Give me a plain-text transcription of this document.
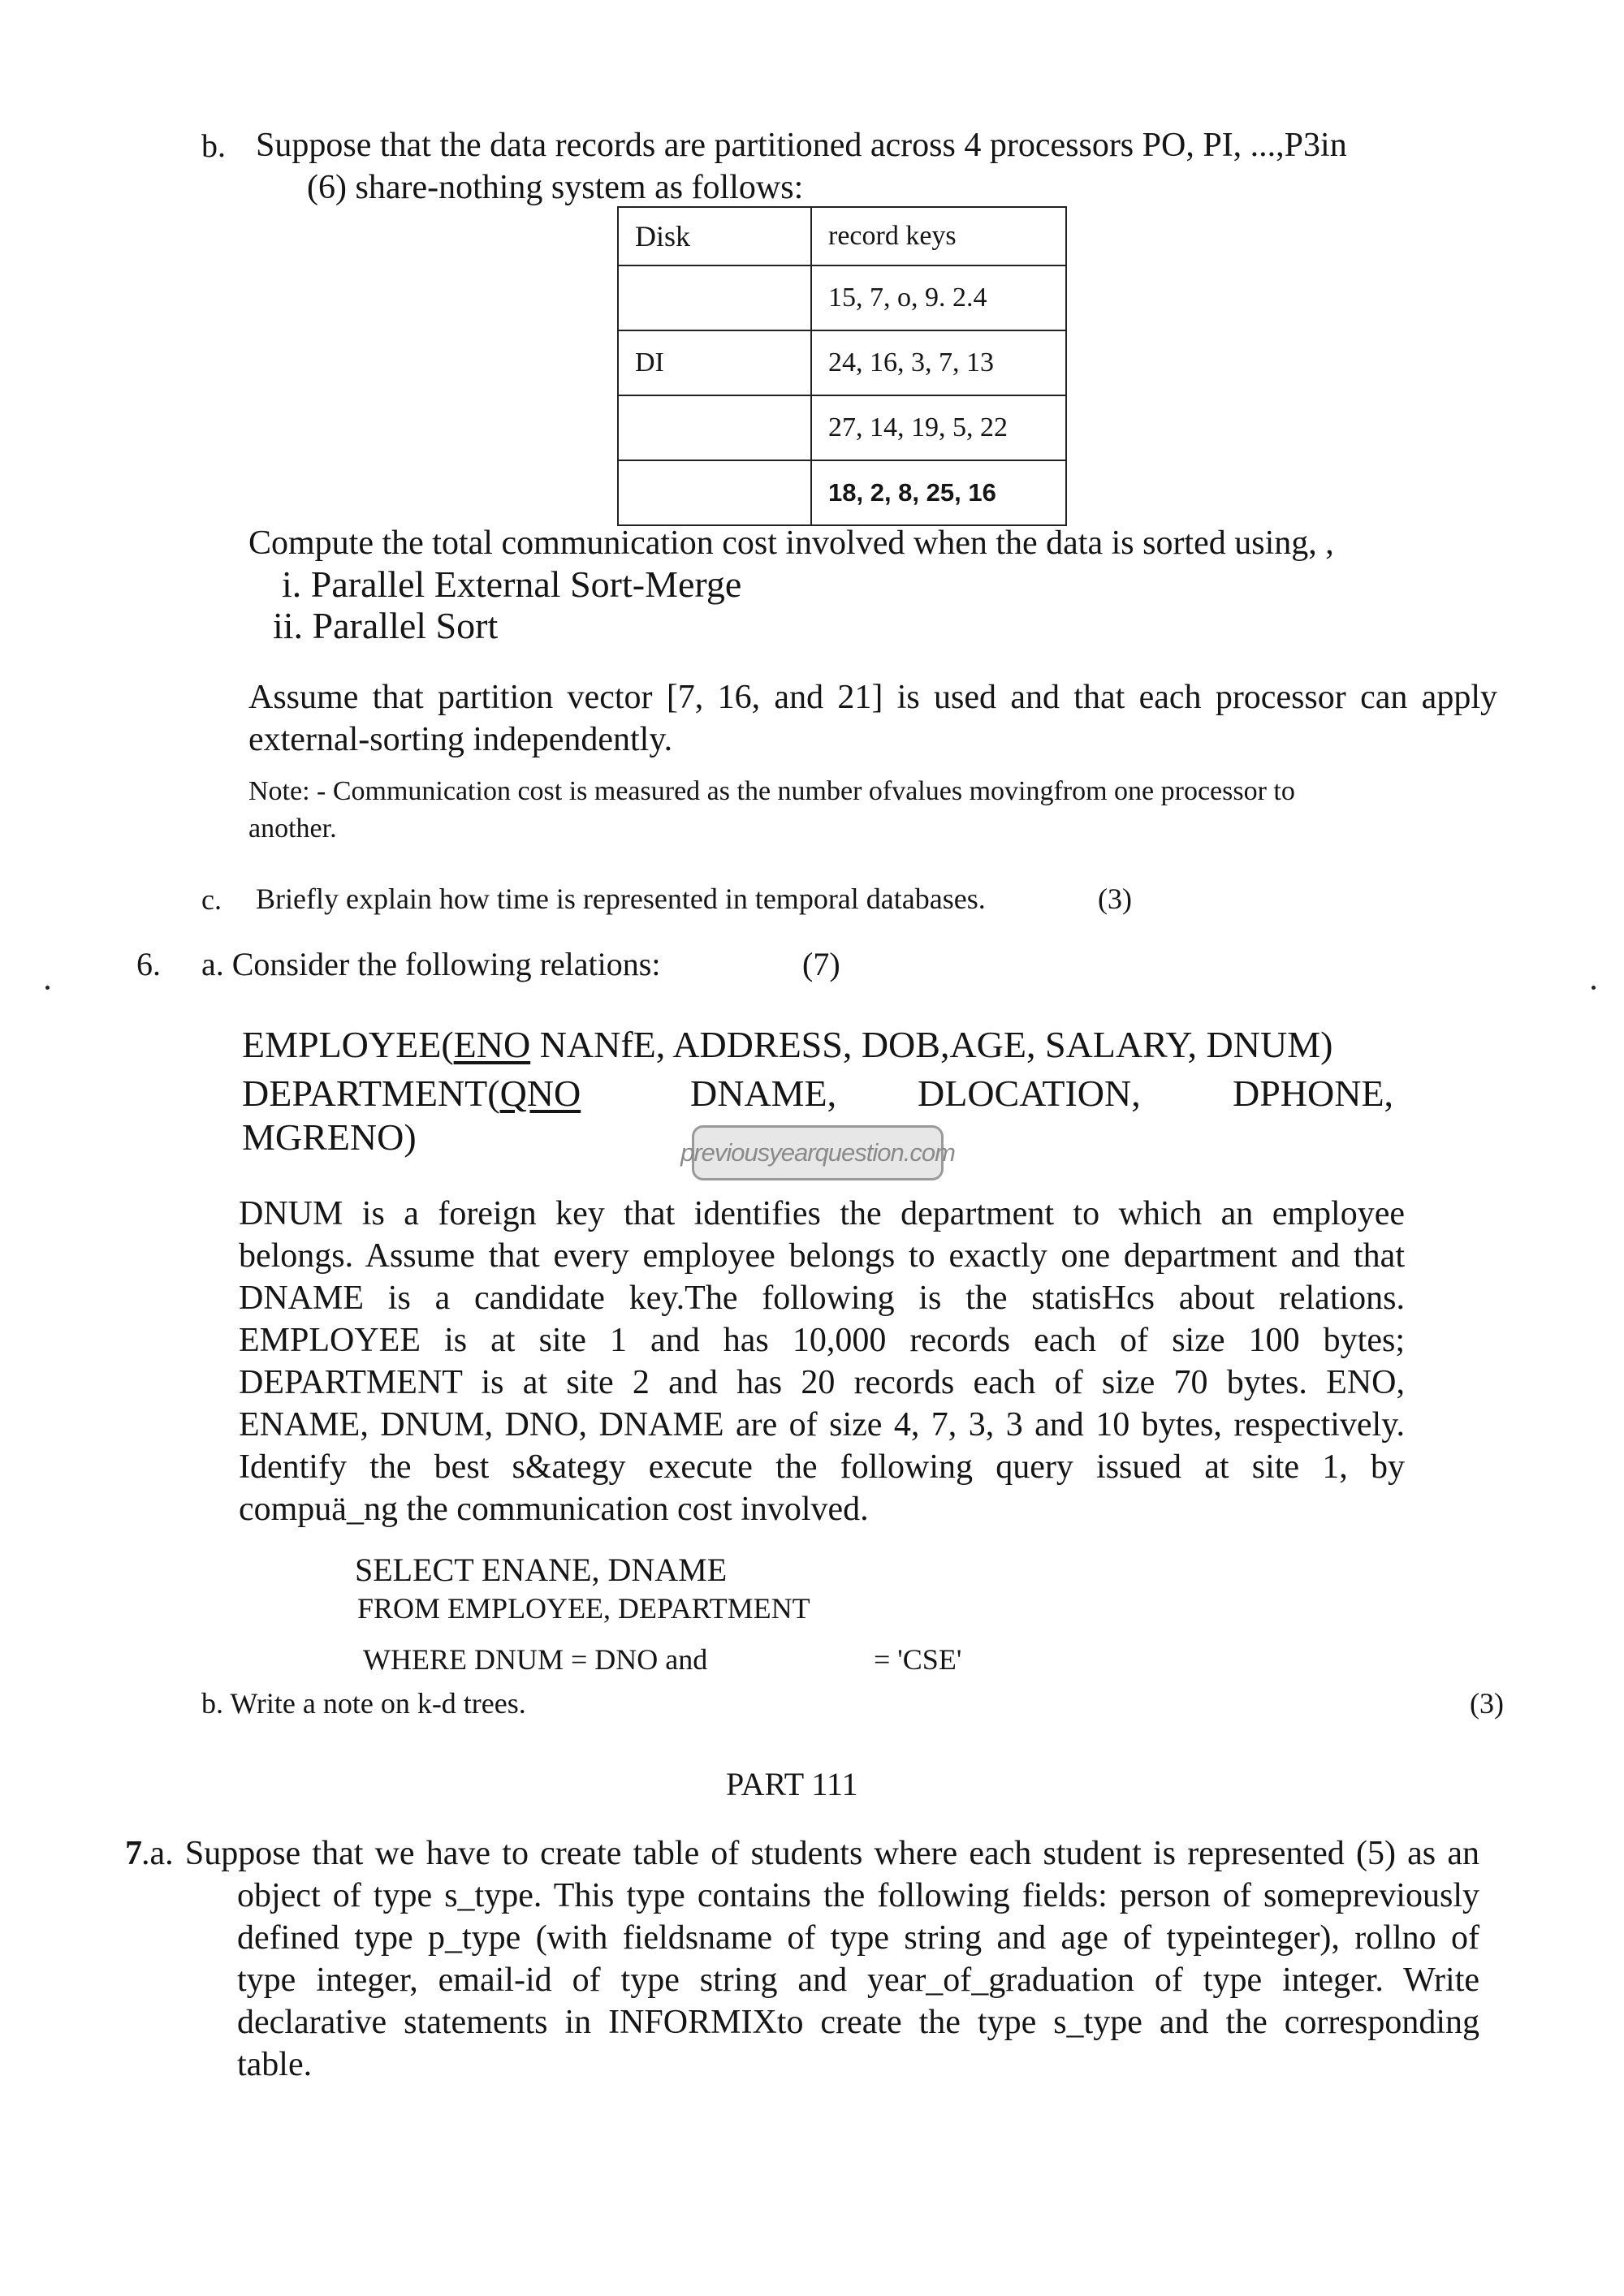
b. Suppose that the data records are partitioned across 4 processors PO, PI, ...,P3in
(6) share-nothing system as follows:
Disk	record keys
	15, 7, o, 9. 2.4
DI	24, 16, 3, 7, 13
	27, 14, 19, 5, 22
	18, 2, 8, 25, 16
Compute the total communication cost involved when the data is sorted using, ,
i. Parallel External Sort-Merge
ii. Parallel Sort
Assume that partition vector [7, 16, and 21] is used and that each processor can apply
external-sorting independently.
Note: - Communication cost is measured as the number ofvalues movingfrom one processor to
another.
c. Briefly explain how time is represented in temporal databases.	(3)
6. a. Consider the following relations:	(7)
EMPLOYEE(ENO NANfE, ADDRESS, DOB,AGE, SALARY, DNUM)
DEPARTMENT(QNO	DNAME, DLOCATION, DPHONE,
MGRENO)	previousyearquestion.com
DNUM is a foreign key that identifies the department to which an employee
belongs. Assume that every employee belongs to exactly one department and that
DNAME is a candidate key.The following is the statisHcs about relations.
EMPLOYEE is at site 1 and has 10,000 records each of size 100 bytes;
DEPARTMENT is at site 2 and has 20 records each of size 70 bytes. ENO,
ENAME, DNUM, DNO, DNAME are of size 4, 7, 3, 3 and 10 bytes, respectively.
Identify the best s&ategy execute the following query issued at site 1, by
compuä_ng the communication cost involved.
SELECT ENANE, DNAME
FROM EMPLOYEE, DEPARTMENT
WHERE DNUM = DNO and	= 'CSE'
b. Write a note on k-d trees.	(3)
PART 111
7 .a. Suppose that we have to create table of students where each student is represented (5) as an
object of type s_type. This type contains the following fields: person of somepreviously
defined type p_type (with fieldsname of type string and age of typeinteger), rollno of
type integer, email-id of type string and year_of_graduation of type integer. Write
declarative statements in INFORMIXto create the type s_type and the corresponding
table.
